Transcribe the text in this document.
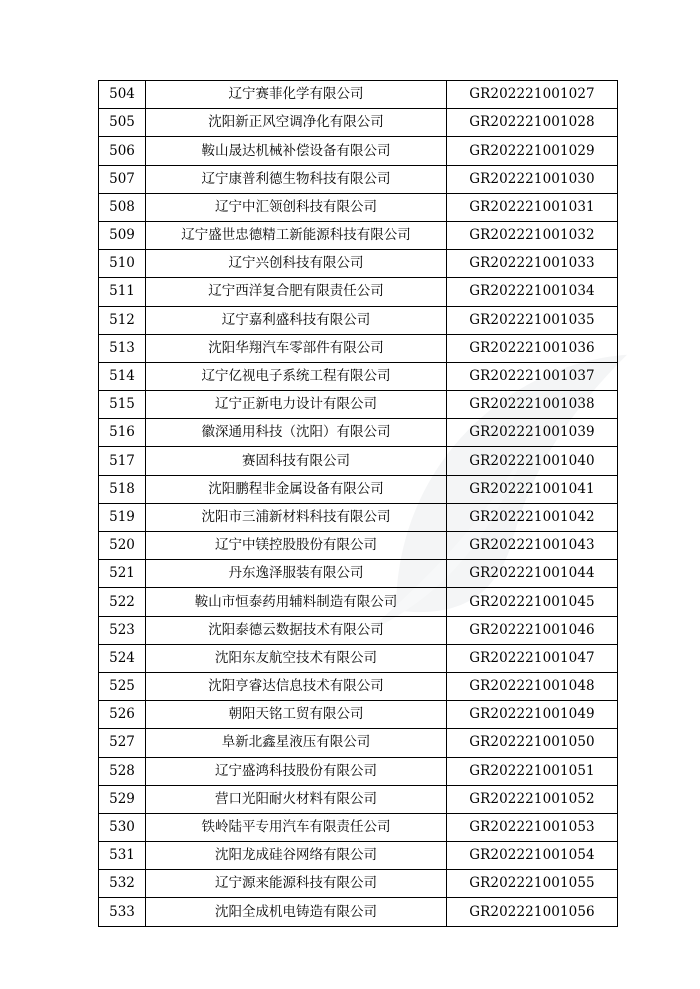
504	辽宁赛菲化学有限公司	GR202221001027
505	沈阳新正风空调净化有限公司	GR202221001028
506	鞍山晟达机械补偿设备有限公司	GR202221001029
507	辽宁康普利德生物科技有限公司	GR202221001030
508	辽宁中汇领创科技有限公司	GR202221001031
509	辽宁盛世忠德精工新能源科技有限公司	GR202221001032
510	辽宁兴创科技有限公司	GR202221001033
511	辽宁西洋复合肥有限责任公司	GR202221001034
512	辽宁嘉利盛科技有限公司	GR202221001035
513	沈阳华翔汽车零部件有限公司	GR202221001036
514	辽宁亿视电子系统工程有限公司	GR202221001037
515	辽宁正新电力设计有限公司	GR202221001038
516	徽深通用科技（沈阳）有限公司	GR202221001039
517	赛固科技有限公司	GR202221001040
518	沈阳鹏程非金属设备有限公司	GR202221001041
519	沈阳市三浦新材料科技有限公司	GR202221001042
520	辽宁中镁控股股份有限公司	GR202221001043
521	丹东逸泽服装有限公司	GR202221001044
522	鞍山市恒泰药用辅料制造有限公司	GR202221001045
523	沈阳泰德云数据技术有限公司	GR202221001046
524	沈阳东友航空技术有限公司	GR202221001047
525	沈阳亨睿达信息技术有限公司	GR202221001048
526	朝阳天铭工贸有限公司	GR202221001049
527	阜新北鑫星液压有限公司	GR202221001050
528	辽宁盛鸿科技股份有限公司	GR202221001051
529	营口光阳耐火材料有限公司	GR202221001052
530	铁岭陆平专用汽车有限责任公司	GR202221001053
531	沈阳龙成硅谷网络有限公司	GR202221001054
532	辽宁源来能源科技有限公司	GR202221001055
533	沈阳全成机电铸造有限公司	GR202221001056
